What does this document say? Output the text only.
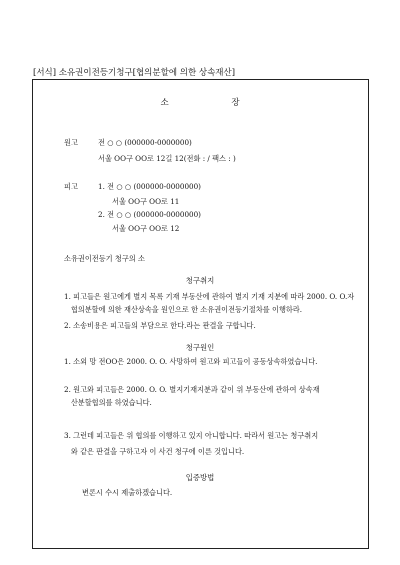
[서식] 소유권이전등기청구[협의분할에 의한 상속재산]
소 장
원고	전 ○ ○ (000000-0000000)
서울 OO구 OO로 12길 12(전화 : / 팩스 : )
피고	1. 전 ○ ○ (000000-0000000)
서울 OO구 OO로 11
2. 전 ○ ○ (000000-0000000)
서울 OO구 OO로 12
소유권이전등기 청구의 소
청구취지
1. 피고들은 원고에게 별지 목록 기재 부동산에 관하여 별지 기재 지분에 따라 2000. O. O.자
협의분할에 의한 재산상속을 원인으로 한 소유권이전등기절차를 이행하라.
2. 소송비용은 피고들의 부담으로 한다.라는 판결을 구합니다.
청구원인
1. 소외 망 전OO은 2000. O. O. 사망하여 원고와 피고들이 공동상속하였습니다.
2. 원고와 피고들은 2000. O. O. 별지기재지분과 같이 위 부동산에 관하여 상속재
산분할협의를 하였습니다.
3. 그런데 피고들은 위 협의를 이행하고 있지 아니합니다. 따라서 원고는 청구취지
와 같은 판결을 구하고자 이 사건 청구에 이른 것입니다.
입증방법
변론시 수시 제출하겠습니다.
